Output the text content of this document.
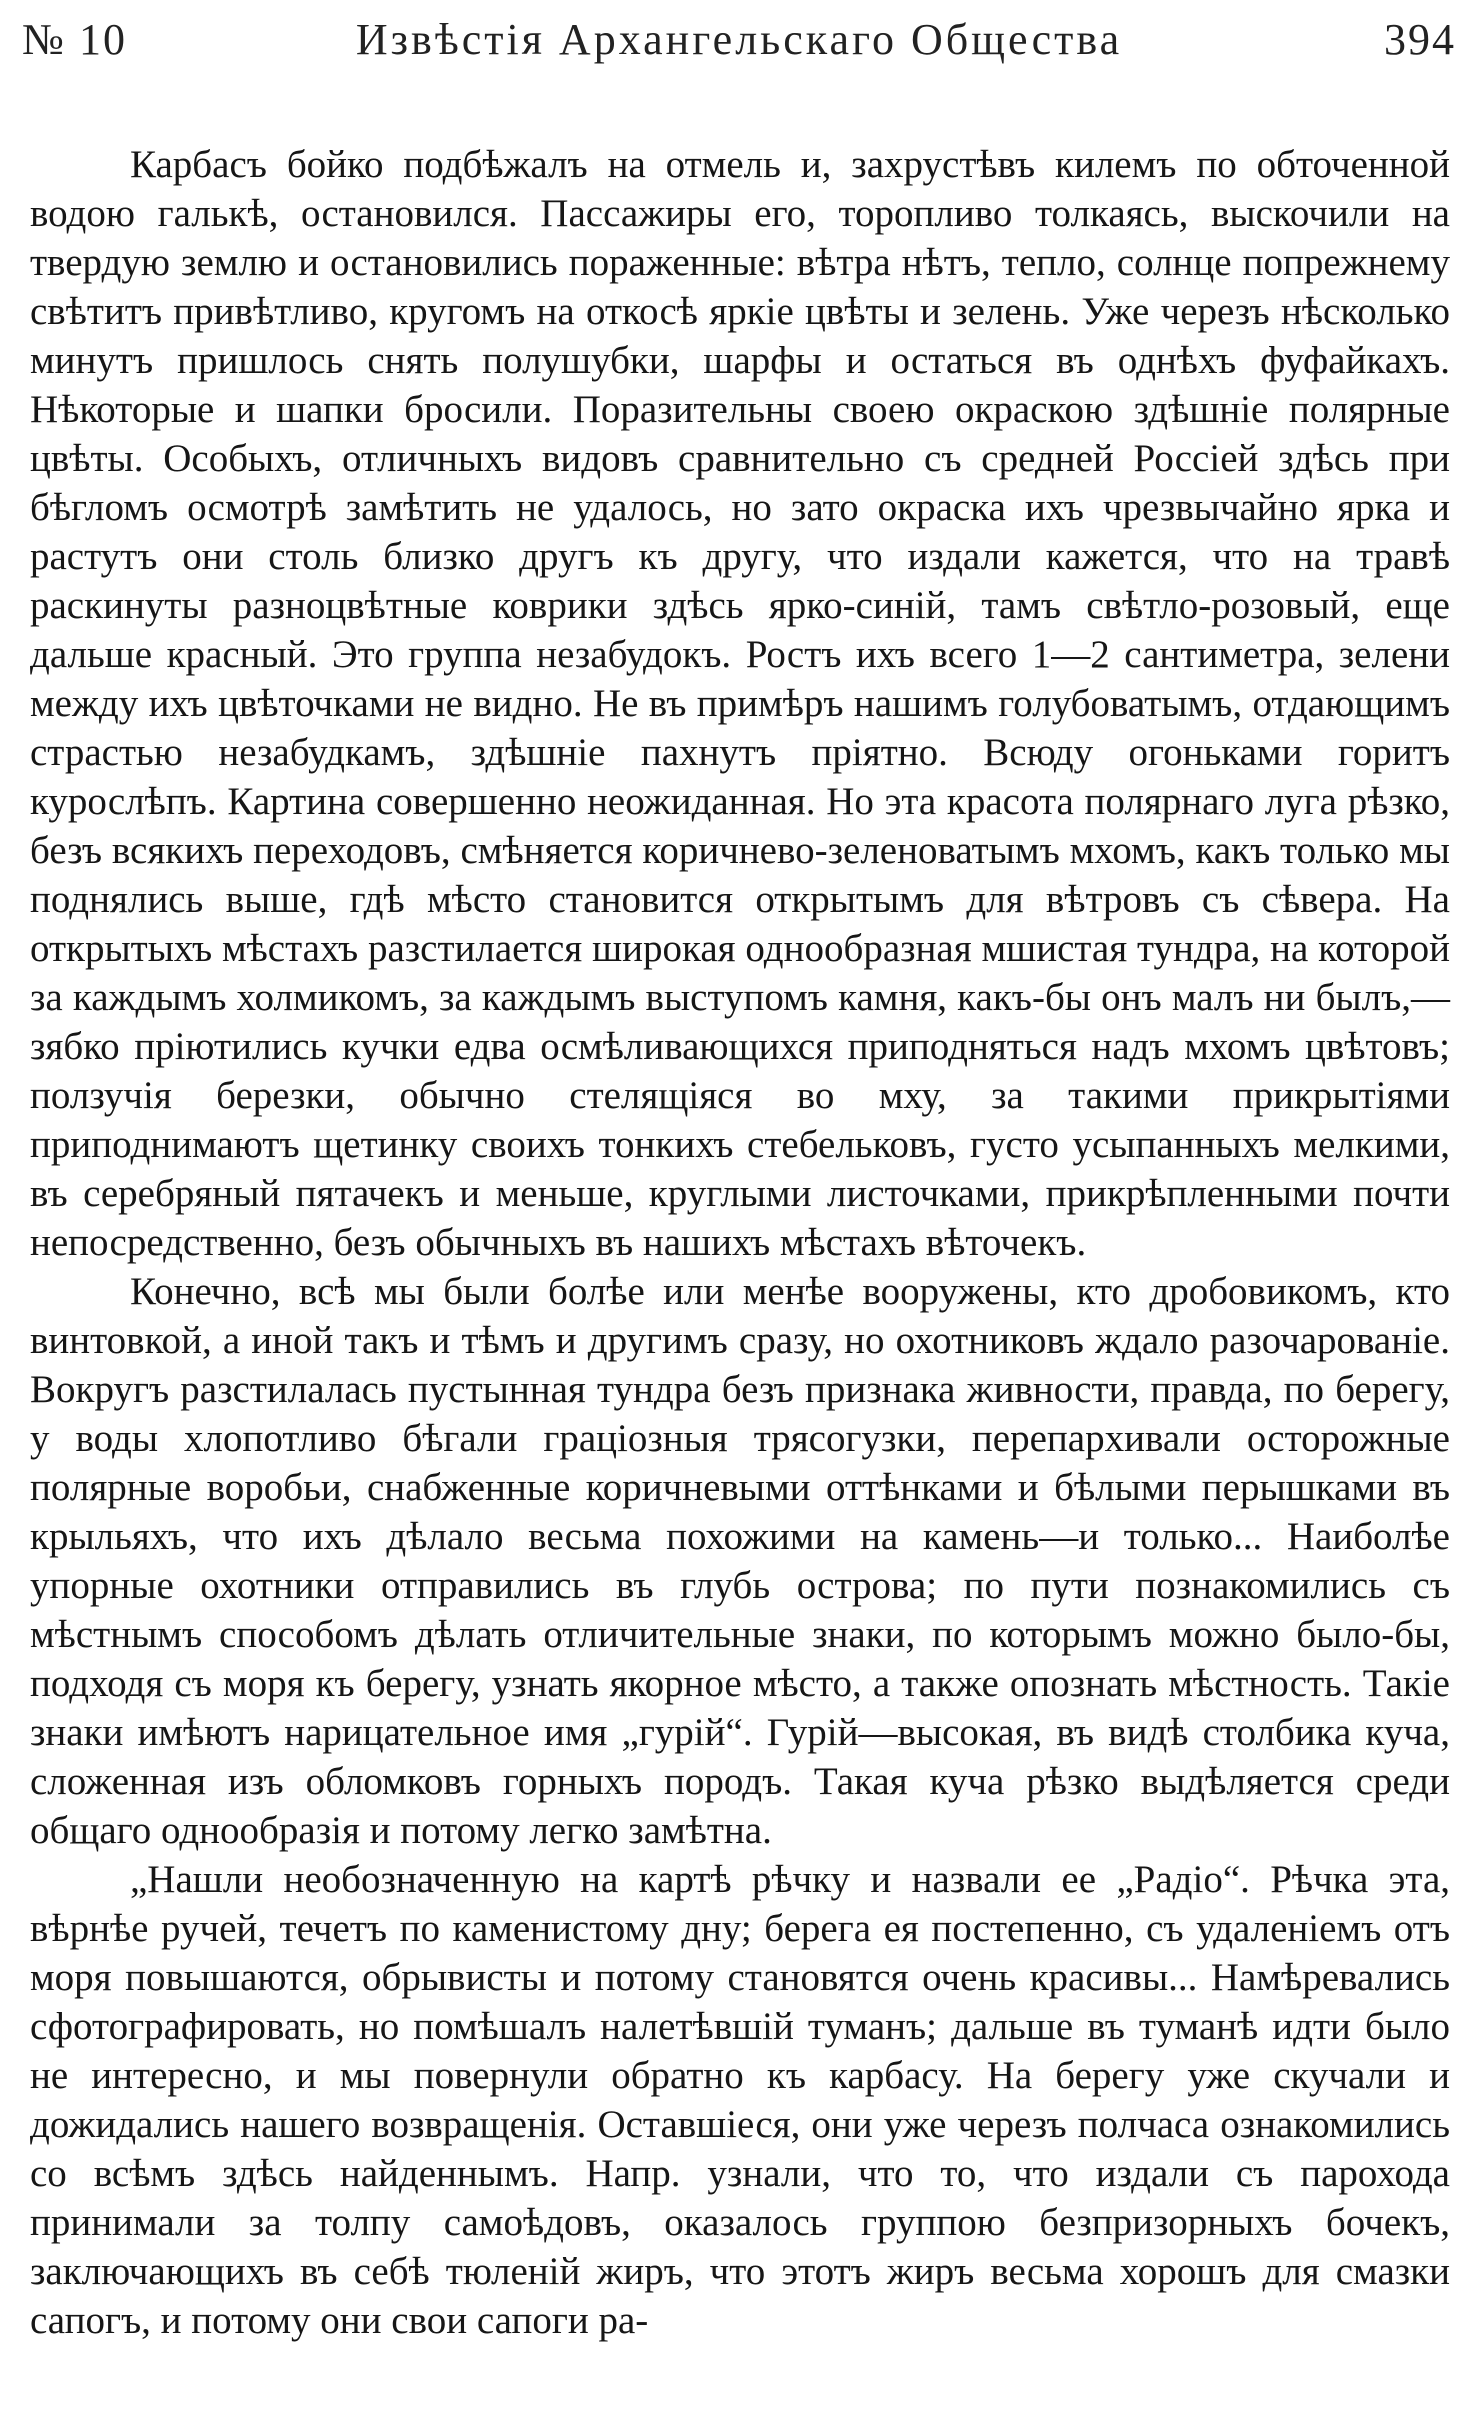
№ 10	Извѣстія Архангельскаго Общества	394

Карбасъ бойко подбѣжалъ на отмель и, захрустѣвъ килемъ по обточенной водою галькѣ, остановился. Пассажиры его, торопливо толкаясь, выскочили на твердую землю и остановились пораженные: вѣтра нѣтъ, тепло, солнце попрежнему свѣтитъ привѣтливо, кругомъ на откосѣ яркіе цвѣты и зелень. Уже черезъ нѣсколько минутъ пришлось снять полушубки, шарфы и остаться въ однѣхъ фуфайкахъ. Нѣкоторые и шапки бросили. Поразительны своею окраскою здѣшніе полярные цвѣты. Особыхъ, отличныхъ видовъ сравнительно съ средней Россіей здѣсь при бѣгломъ осмотрѣ замѣтить не удалось, но зато окраска ихъ чрезвычайно ярка и растутъ они столь близко другъ къ другу, что издали кажется, что на травѣ раскинуты разноцвѣтные коврики здѣсь ярко-синій, тамъ свѣтло-розовый, еще дальше красный. Это группа незабудокъ. Ростъ ихъ всего 1—2 сантиметра, зелени между ихъ цвѣточками не видно. Не въ примѣръ нашимъ голубоватымъ, отдающимъ страстью незабудкамъ, здѣшніе пахнутъ пріятно. Всюду огоньками горитъ курослѣпъ. Картина совершенно неожиданная. Но эта красота полярнаго луга рѣзко, безъ всякихъ переходовъ, смѣняется коричнево-зеленоватымъ мхомъ, какъ только мы поднялись выше, гдѣ мѣсто становится открытымъ для вѣтровъ съ сѣвера. На открытыхъ мѣстахъ разстилается широкая однообразная мшистая тундра, на которой за каждымъ холмикомъ, за каждымъ выступомъ камня, какъ-бы онъ малъ ни былъ,—зябко пріютились кучки едва осмѣливающихся приподняться надъ мхомъ цвѣтовъ; ползучія березки, обычно стелящіяся во мху, за такими прикрытіями приподнимаютъ щетинку своихъ тонкихъ стебельковъ, густо усыпанныхъ мелкими, въ серебряный пятачекъ и меньше, круглыми листочками, прикрѣпленными почти непосредственно, безъ обычныхъ въ нашихъ мѣстахъ вѣточекъ.

Конечно, всѣ мы были болѣе или менѣе вооружены, кто дробовикомъ, кто винтовкой, а иной такъ и тѣмъ и другимъ сразу, но охотниковъ ждало разочарованіе. Вокругъ разстилалась пустынная тундра безъ признака живности, правда, по берегу, у воды хлопотливо бѣгали граціозныя трясогузки, перепархивали осторожные полярные воробьи, снабженные коричневыми оттѣнками и бѣлыми перышками въ крыльяхъ, что ихъ дѣлало весьма похожими на камень—и только... Наиболѣе упорные охотники отправились въ глубь острова; по пути познакомились съ мѣстнымъ способомъ дѣлать отличительные знаки, по которымъ можно было-бы, подходя съ моря къ берегу, узнать якорное мѣсто, а также опознать мѣстность. Такіе знаки имѣютъ нарицательное имя „гурій“. Гурій—высокая, въ видѣ столбика куча, сложенная изъ обломковъ горныхъ породъ. Такая куча рѣзко выдѣляется среди общаго однообразія и потому легко замѣтна.

„Нашли необозначенную на картѣ рѣчку и назвали ее „Радіо“. Рѣчка эта, вѣрнѣе ручей, течетъ по каменистому дну; берега ея постепенно, съ удаленіемъ отъ моря повышаются, обрывисты и потому становятся очень красивы... Намѣревались сфотографировать, но помѣшалъ налетѣвшій туманъ; дальше въ туманѣ идти было не интересно, и мы повернули обратно къ карбасу. На берегу уже скучали и дожидались нашего возвращенія. Оставшіеся, они уже черезъ полчаса ознакомились со всѣмъ здѣсь найденнымъ. Напр. узнали, что то, что издали съ парохода принимали за толпу самоѣдовъ, оказалось группою безпризорныхъ бочекъ, заключающихъ въ себѣ тюленій жиръ, что этотъ жиръ весьма хорошъ для смазки сапогъ, и потому они свои сапоги ра-
